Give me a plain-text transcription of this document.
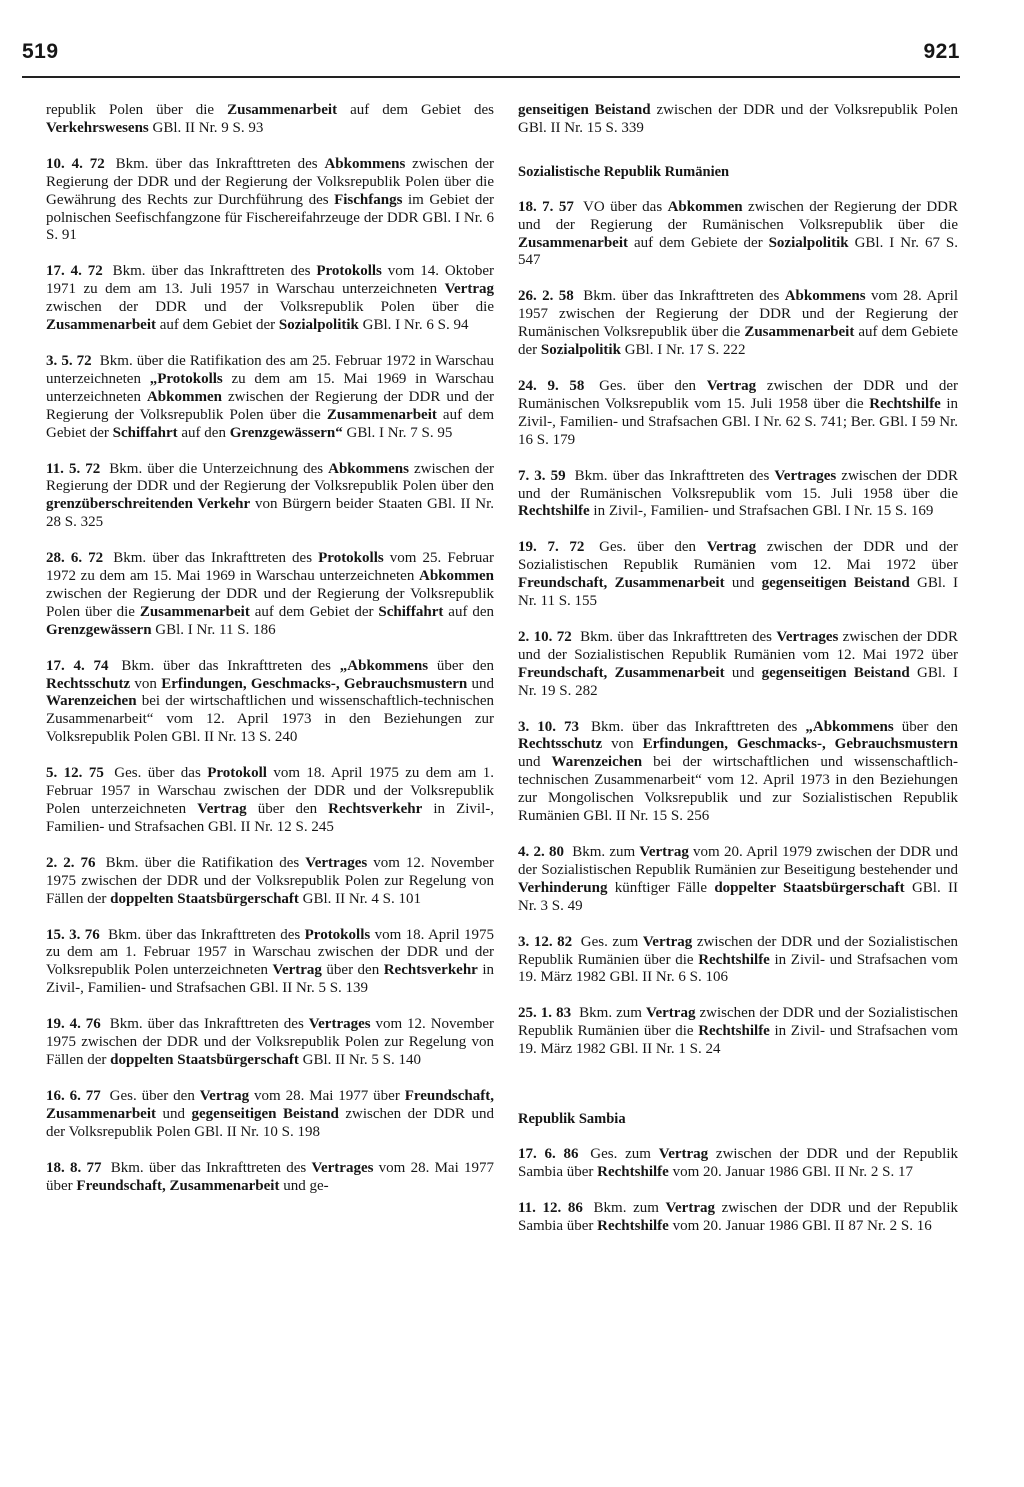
519	921

republik Polen über die Zusammenarbeit auf dem Gebiet des Verkehrswesens GBl. II Nr. 9 S. 93

10. 4. 72 Bkm. über das Inkrafttreten des Abkommens zwischen der Regierung der DDR und der Regierung der Volksrepublik Polen über die Gewährung des Rechts zur Durchführung des Fischfangs im Gebiet der polnischen Seefischfangzone für Fischereifahrzeuge der DDR GBl. I Nr. 6 S. 91

17. 4. 72 Bkm. über das Inkrafttreten des Protokolls vom 14. Oktober 1971 zu dem am 13. Juli 1957 in Warschau unterzeichneten Vertrag zwischen der DDR und der Volksrepublik Polen über die Zusammenarbeit auf dem Gebiet der Sozialpolitik GBl. I Nr. 6 S. 94

3. 5. 72 Bkm. über die Ratifikation des am 25. Februar 1972 in Warschau unterzeichneten „Protokolls zu dem am 15. Mai 1969 in Warschau unterzeichneten Abkommen zwischen der Regierung der DDR und der Regierung der Volksrepublik Polen über die Zusammenarbeit auf dem Gebiet der Schiffahrt auf den Grenzgewässern“ GBl. I Nr. 7 S. 95

11. 5. 72 Bkm. über die Unterzeichnung des Abkommens zwischen der Regierung der DDR und der Regierung der Volksrepublik Polen über den grenzüberschreitenden Verkehr von Bürgern beider Staaten GBl. II Nr. 28 S. 325

28. 6. 72 Bkm. über das Inkrafttreten des Protokolls vom 25. Februar 1972 zu dem am 15. Mai 1969 in Warschau unterzeichneten Abkommen zwischen der Regierung der DDR und der Regierung der Volksrepublik Polen über die Zusammenarbeit auf dem Gebiet der Schiffahrt auf den Grenzgewässern GBl. I Nr. 11 S. 186

17. 4. 74 Bkm. über das Inkrafttreten des „Abkommens über den Rechtsschutz von Erfindungen, Geschmacks-, Gebrauchsmustern und Warenzeichen bei der wirtschaftlichen und wissenschaftlich-technischen Zusammenarbeit“ vom 12. April 1973 in den Beziehungen zur Volksrepublik Polen GBl. II Nr. 13 S. 240

5. 12. 75 Ges. über das Protokoll vom 18. April 1975 zu dem am 1. Februar 1957 in Warschau zwischen der DDR und der Volksrepublik Polen unterzeichneten Vertrag über den Rechtsverkehr in Zivil-, Familien- und Strafsachen GBl. II Nr. 12 S. 245

2. 2. 76 Bkm. über die Ratifikation des Vertrages vom 12. November 1975 zwischen der DDR und der Volksrepublik Polen zur Regelung von Fällen der doppelten Staatsbürgerschaft GBl. II Nr. 4 S. 101

15. 3. 76 Bkm. über das Inkrafttreten des Protokolls vom 18. April 1975 zu dem am 1. Februar 1957 in Warschau zwischen der DDR und der Volksrepublik Polen unterzeichneten Vertrag über den Rechtsverkehr in Zivil-, Familien- und Strafsachen GBl. II Nr. 5 S. 139

19. 4. 76 Bkm. über das Inkrafttreten des Vertrages vom 12. November 1975 zwischen der DDR und der Volksrepublik Polen zur Regelung von Fällen der doppelten Staatsbürgerschaft GBl. II Nr. 5 S. 140

16. 6. 77 Ges. über den Vertrag vom 28. Mai 1977 über Freundschaft, Zusammenarbeit und gegenseitigen Beistand zwischen der DDR und der Volksrepublik Polen GBl. II Nr. 10 S. 198

18. 8. 77 Bkm. über das Inkrafttreten des Vertrages vom 28. Mai 1977 über Freundschaft, Zusammenarbeit und ge-

genseitigen Beistand zwischen der DDR und der Volksrepublik Polen GBl. II Nr. 15 S. 339

Sozialistische Republik Rumänien

18. 7. 57 VO über das Abkommen zwischen der Regierung der DDR und der Regierung der Rumänischen Volksrepublik über die Zusammenarbeit auf dem Gebiete der Sozialpolitik GBl. I Nr. 67 S. 547

26. 2. 58 Bkm. über das Inkrafttreten des Abkommens vom 28. April 1957 zwischen der Regierung der DDR und der Regierung der Rumänischen Volksrepublik über die Zusammenarbeit auf dem Gebiete der Sozialpolitik GBl. I Nr. 17 S. 222

24. 9. 58 Ges. über den Vertrag zwischen der DDR und der Rumänischen Volksrepublik vom 15. Juli 1958 über die Rechtshilfe in Zivil-, Familien- und Strafsachen GBl. I Nr. 62 S. 741; Ber. GBl. I 59 Nr. 16 S. 179

7. 3. 59 Bkm. über das Inkrafttreten des Vertrages zwischen der DDR und der Rumänischen Volksrepublik vom 15. Juli 1958 über die Rechtshilfe in Zivil-, Familien- und Strafsachen GBl. I Nr. 15 S. 169

19. 7. 72 Ges. über den Vertrag zwischen der DDR und der Sozialistischen Republik Rumänien vom 12. Mai 1972 über Freundschaft, Zusammenarbeit und gegenseitigen Beistand GBl. I Nr. 11 S. 155

2. 10. 72 Bkm. über das Inkrafttreten des Vertrages zwischen der DDR und der Sozialistischen Republik Rumänien vom 12. Mai 1972 über Freundschaft, Zusammenarbeit und gegenseitigen Beistand GBl. I Nr. 19 S. 282

3. 10. 73 Bkm. über das Inkrafttreten des „Abkommens über den Rechtsschutz von Erfindungen, Geschmacks-, Gebrauchsmustern und Warenzeichen bei der wirtschaftlichen und wissenschaftlich-technischen Zusammenarbeit“ vom 12. April 1973 in den Beziehungen zur Mongolischen Volksrepublik und zur Sozialistischen Republik Rumänien GBl. II Nr. 15 S. 256

4. 2. 80 Bkm. zum Vertrag vom 20. April 1979 zwischen der DDR und der Sozialistischen Republik Rumänien zur Beseitigung bestehender und Verhinderung künftiger Fälle doppelter Staatsbürgerschaft GBl. II Nr. 3 S. 49

3. 12. 82 Ges. zum Vertrag zwischen der DDR und der Sozialistischen Republik Rumänien über die Rechtshilfe in Zivil- und Strafsachen vom 19. März 1982 GBl. II Nr. 6 S. 106

25. 1. 83 Bkm. zum Vertrag zwischen der DDR und der Sozialistischen Republik Rumänien über die Rechtshilfe in Zivil- und Strafsachen vom 19. März 1982 GBl. II Nr. 1 S. 24

Republik Sambia

17. 6. 86 Ges. zum Vertrag zwischen der DDR und der Republik Sambia über Rechtshilfe vom 20. Januar 1986 GBl. II Nr. 2 S. 17

11. 12. 86 Bkm. zum Vertrag zwischen der DDR und der Republik Sambia über Rechtshilfe vom 20. Januar 1986 GBl. II 87 Nr. 2 S. 16
